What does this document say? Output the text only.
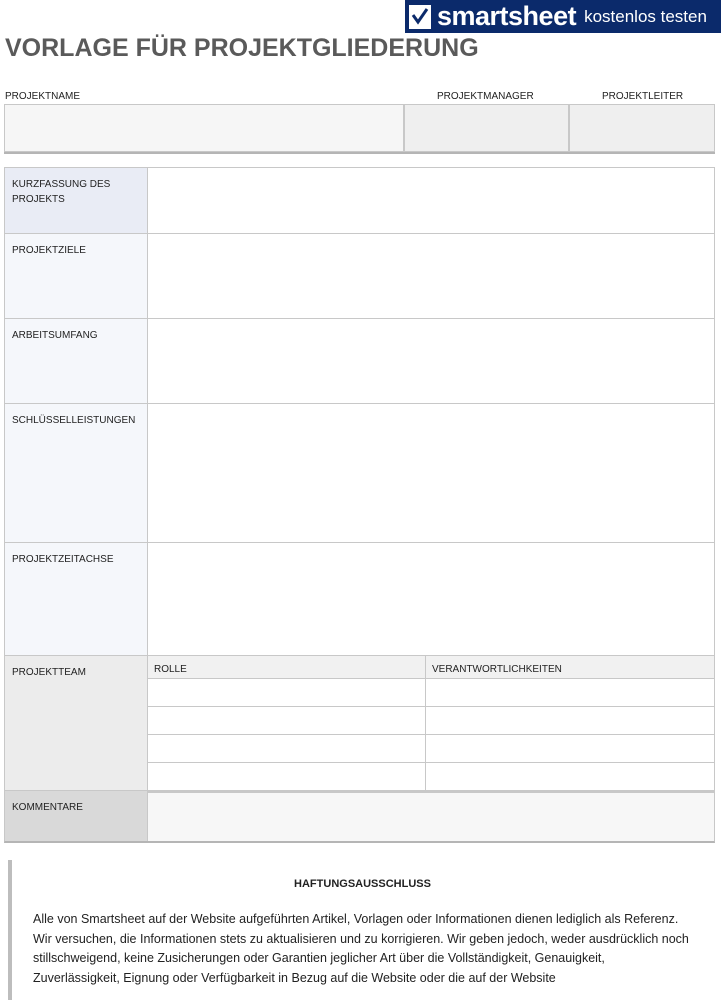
smartsheet kostenlos testen
VORLAGE FÜR PROJEKTGLIEDERUNG
PROJEKTNAME	PROJEKTMANAGER	PROJEKTLEITER
KURZFASSUNG DES PROJEKTS
PROJEKTZIELE
ARBEITSUMFANG
SCHLÜSSELLEISTUNGEN
PROJEKTZEITACHSE
PROJEKTTEAM	ROLLE	VERANTWORTLICHKEITEN
KOMMENTARE
HAFTUNGSAUSSCHLUSS

Alle von Smartsheet auf der Website aufgeführten Artikel, Vorlagen oder Informationen dienen lediglich als Referenz. Wir versuchen, die Informationen stets zu aktualisieren und zu korrigieren. Wir geben jedoch, weder ausdrücklich noch stillschweigend, keine Zusicherungen oder Garantien jeglicher Art über die Vollständigkeit, Genauigkeit, Zuverlässigkeit, Eignung oder Verfügbarkeit in Bezug auf die Website oder die auf der Website
